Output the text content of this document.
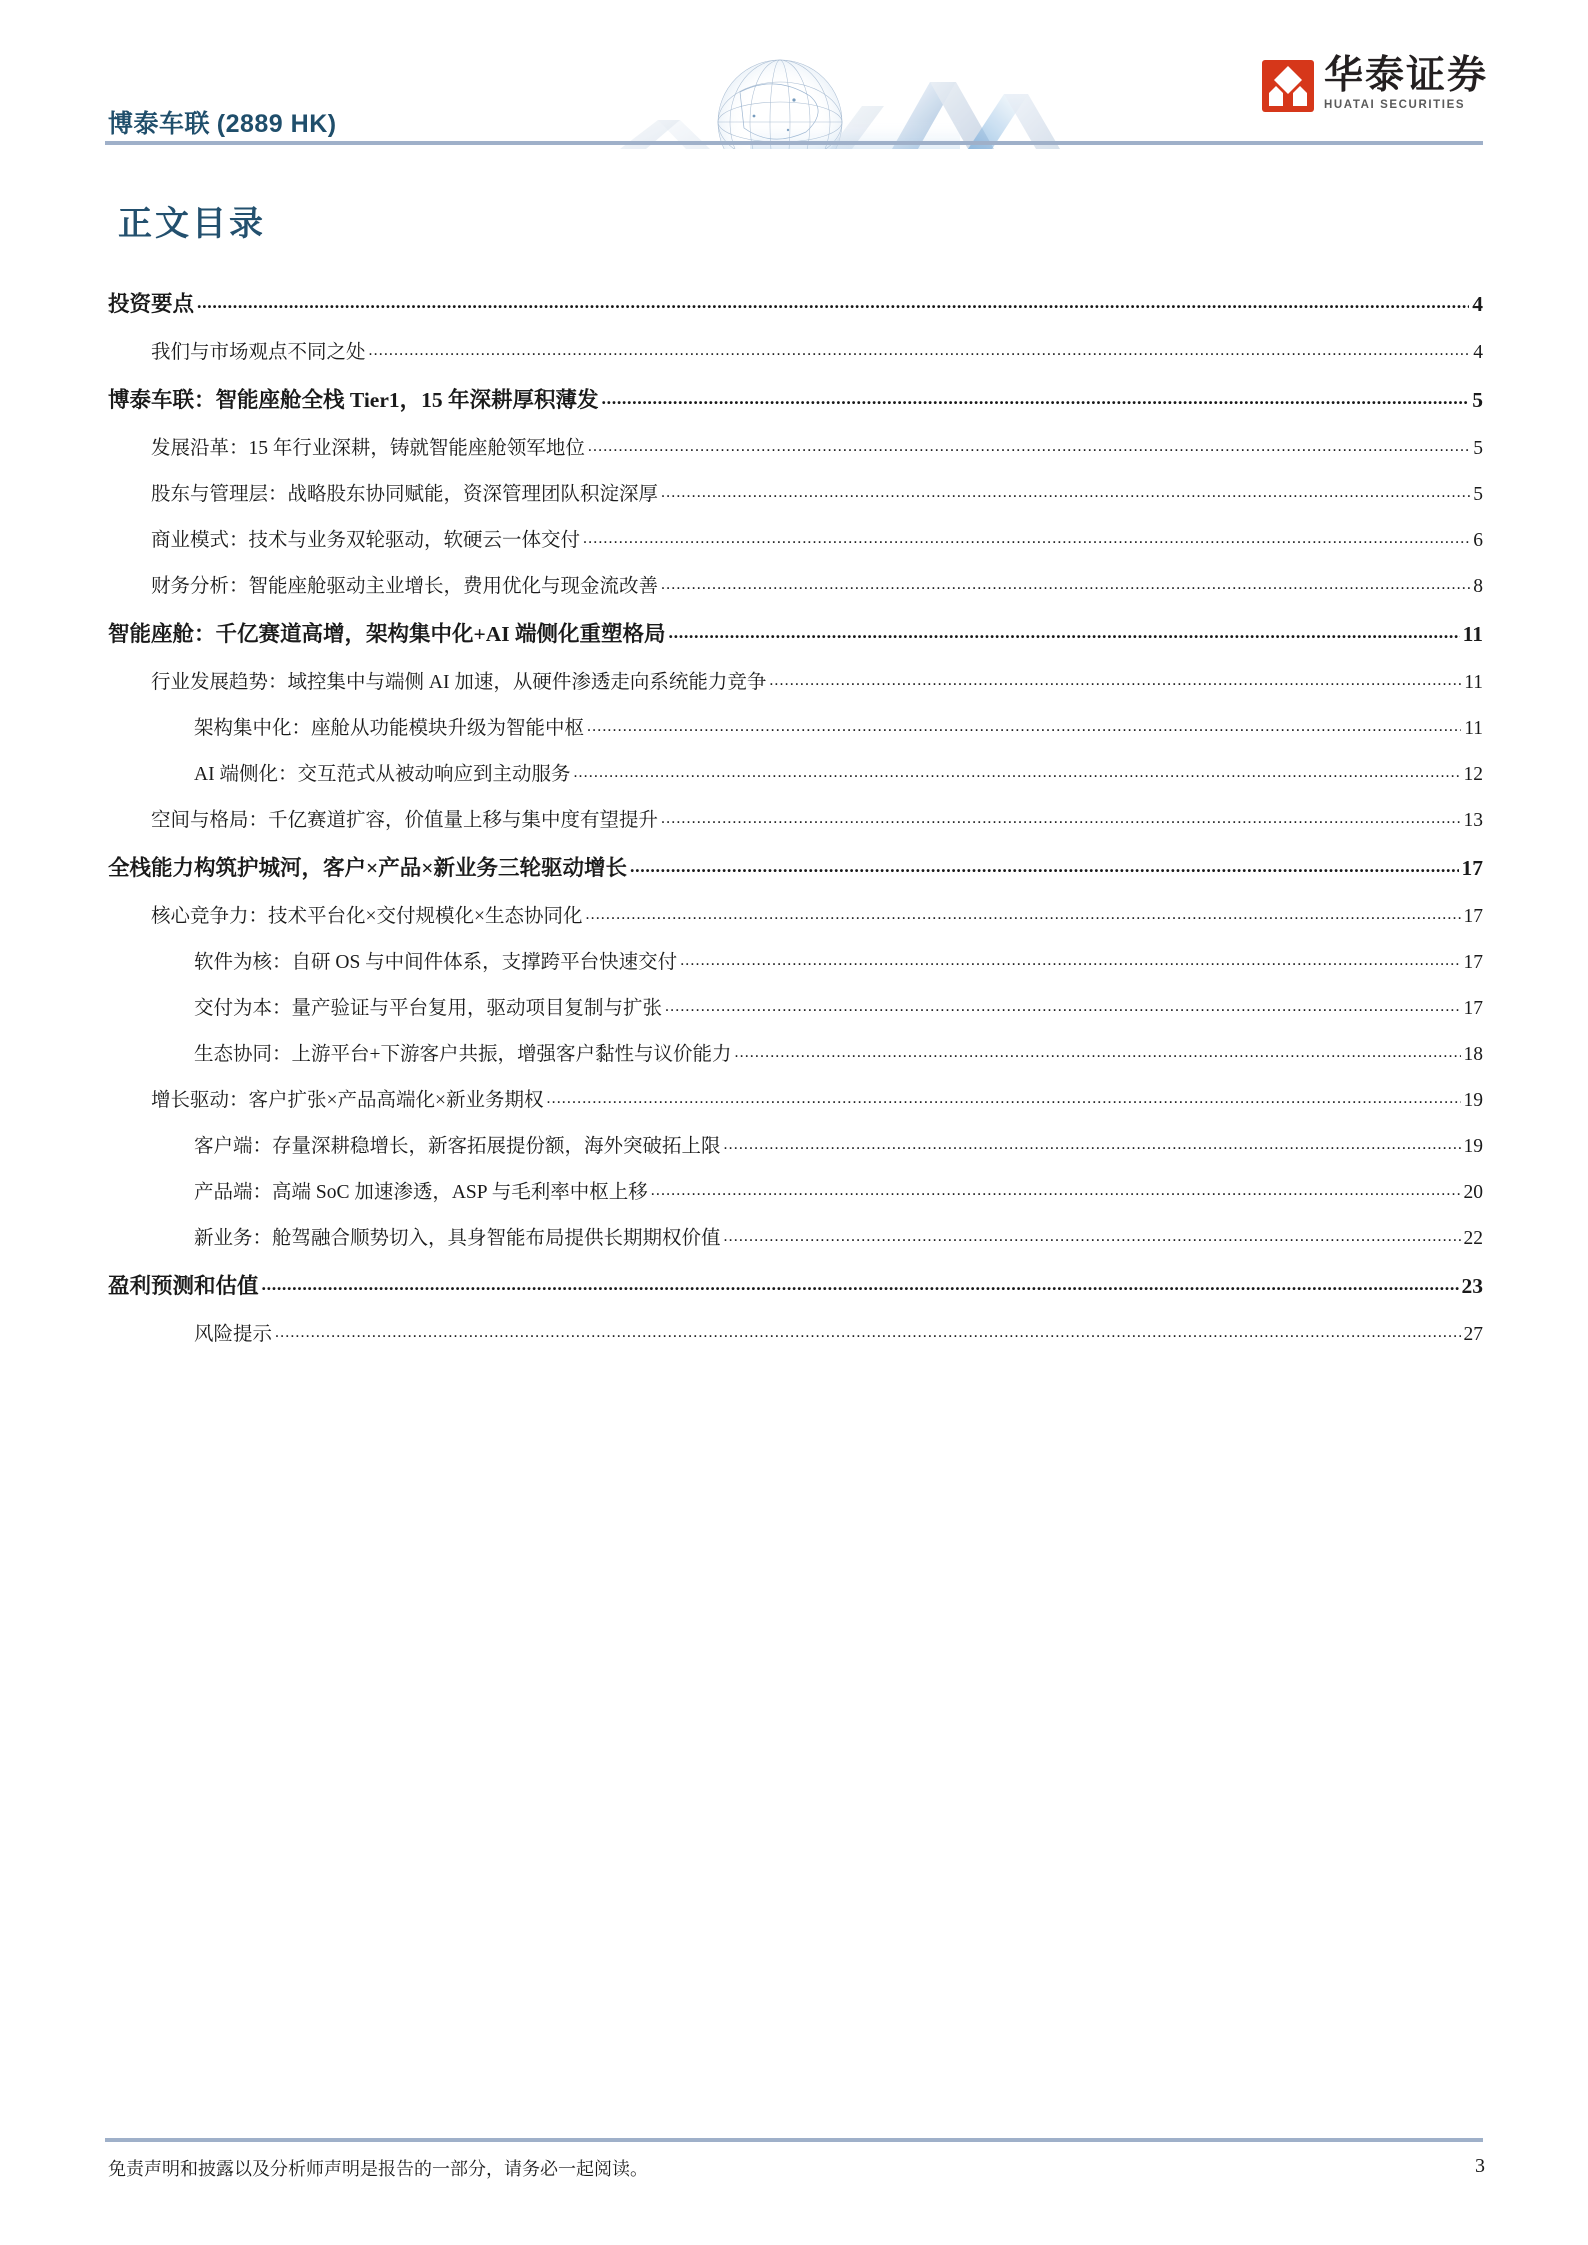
博泰车联 (2889 HK)
华泰证券
HUATAI SECURITIES
正文目录
投资要点 .....	4
我们与市场观点不同之处 .....	4
博泰车联：智能座舱全栈 Tier1，15 年深耕厚积薄发 .....	5
发展沿革：15 年行业深耕，铸就智能座舱领军地位 .....	5
股东与管理层：战略股东协同赋能，资深管理团队积淀深厚 .....	5
商业模式：技术与业务双轮驱动，软硬云一体交付 .....	6
财务分析：智能座舱驱动主业增长，费用优化与现金流改善 .....	8
智能座舱：千亿赛道高增，架构集中化+AI 端侧化重塑格局 .....	11
行业发展趋势：域控集中与端侧 AI 加速，从硬件渗透走向系统能力竞争 .....	11
架构集中化：座舱从功能模块升级为智能中枢 .....	11
AI 端侧化：交互范式从被动响应到主动服务 .....	12
空间与格局：千亿赛道扩容，价值量上移与集中度有望提升 .....	13
全栈能力构筑护城河，客户×产品×新业务三轮驱动增长 .....	17
核心竞争力：技术平台化×交付规模化×生态协同化 .....	17
软件为核：自研 OS 与中间件体系，支撑跨平台快速交付 .....	17
交付为本：量产验证与平台复用，驱动项目复制与扩张 .....	17
生态协同：上游平台+下游客户共振，增强客户黏性与议价能力 .....	18
增长驱动：客户扩张×产品高端化×新业务期权 .....	19
客户端：存量深耕稳增长，新客拓展提份额，海外突破拓上限 .....	19
产品端：高端 SoC 加速渗透，ASP 与毛利率中枢上移 .....	20
新业务：舱驾融合顺势切入，具身智能布局提供长期期权价值 .....	22
盈利预测和估值 .....	23
风险提示 .....	27
免责声明和披露以及分析师声明是报告的一部分，请务必一起阅读。	3
